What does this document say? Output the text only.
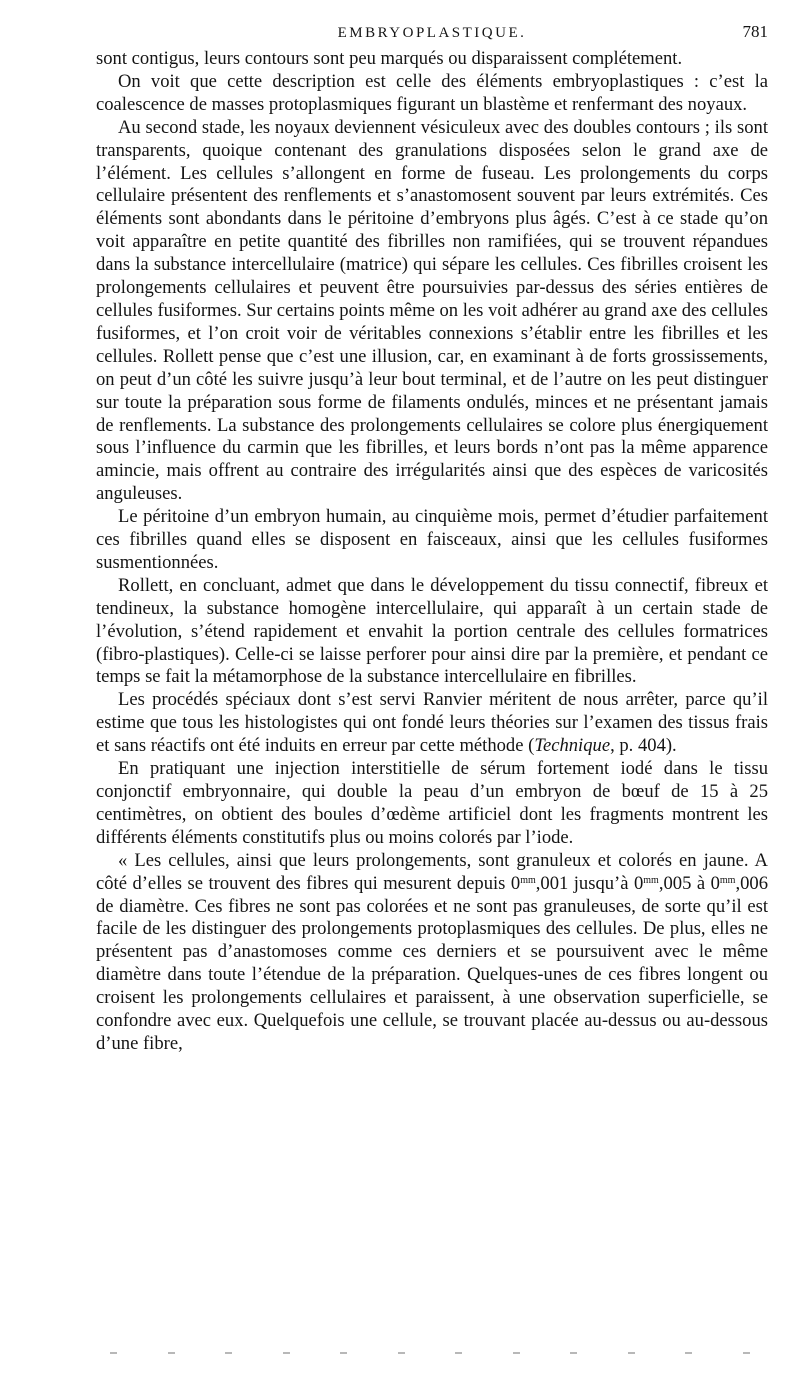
EMBRYOPLASTIQUE.	781

sont contigus, leurs contours sont peu marqués ou disparaissent complétement.

On voit que cette description est celle des éléments embryoplastiques : c’est la coalescence de masses protoplasmiques figurant un blastème et renfermant des noyaux.

Au second stade, les noyaux deviennent vésiculeux avec des doubles contours ; ils sont transparents, quoique contenant des granulations disposées selon le grand axe de l’élément. Les cellules s’allongent en forme de fuseau. Les prolongements du corps cellulaire présentent des renflements et s’anastomosent souvent par leurs extrémités. Ces éléments sont abondants dans le péritoine d’embryons plus âgés. C’est à ce stade qu’on voit apparaître en petite quantité des fibrilles non ramifiées, qui se trouvent répandues dans la substance intercellulaire (matrice) qui sépare les cellules. Ces fibrilles croisent les prolongements cellulaires et peuvent être poursuivies par-dessus des séries entières de cellules fusiformes. Sur certains points même on les voit adhérer au grand axe des cellules fusiformes, et l’on croit voir de véritables connexions s’établir entre les fibrilles et les cellules. Rollett pense que c’est une illusion, car, en examinant à de forts grossissements, on peut d’un côté les suivre jusqu’à leur bout terminal, et de l’autre on les peut distinguer sur toute la préparation sous forme de filaments ondulés, minces et ne présentant jamais de renflements. La substance des prolongements cellulaires se colore plus énergiquement sous l’influence du carmin que les fibrilles, et leurs bords n’ont pas la même apparence amincie, mais offrent au contraire des irrégularités ainsi que des espèces de varicosités anguleuses.

Le péritoine d’un embryon humain, au cinquième mois, permet d’étudier parfaitement ces fibrilles quand elles se disposent en faisceaux, ainsi que les cellules fusiformes susmentionnées.

Rollett, en concluant, admet que dans le développement du tissu connectif, fibreux et tendineux, la substance homogène intercellulaire, qui apparaît à un certain stade de l’évolution, s’étend rapidement et envahit la portion centrale des cellules formatrices (fibro-plastiques). Celle-ci se laisse perforer pour ainsi dire par la première, et pendant ce temps se fait la métamorphose de la substance intercellulaire en fibrilles.

Les procédés spéciaux dont s’est servi Ranvier méritent de nous arrêter, parce qu’il estime que tous les histologistes qui ont fondé leurs théories sur l’examen des tissus frais et sans réactifs ont été induits en erreur par cette méthode (Technique, p. 404).

En pratiquant une injection interstitielle de sérum fortement iodé dans le tissu conjonctif embryonnaire, qui double la peau d’un embryon de bœuf de 15 à 25 centimètres, on obtient des boules d’œdème artificiel dont les fragments montrent les différents éléments constitutifs plus ou moins colorés par l’iode.

« Les cellules, ainsi que leurs prolongements, sont granuleux et colorés en jaune. A côté d’elles se trouvent des fibres qui mesurent depuis $0^{mm},001$ jusqu’à $0^{mm},005$ à $0^{mm},006$ de diamètre. Ces fibres ne sont pas colorées et ne sont pas granuleuses, de sorte qu’il est facile de les distinguer des prolongements protoplasmiques des cellules. De plus, elles ne présentent pas d’anastomoses comme ces derniers et se poursuivent avec le même diamètre dans toute l’étendue de la préparation. Quelques-unes de ces fibres longent ou croisent les prolongements cellulaires et paraissent, à une observation superficielle, se confondre avec eux. Quelquefois une cellule, se trouvant placée au-dessus ou au-dessous d’une fibre,
